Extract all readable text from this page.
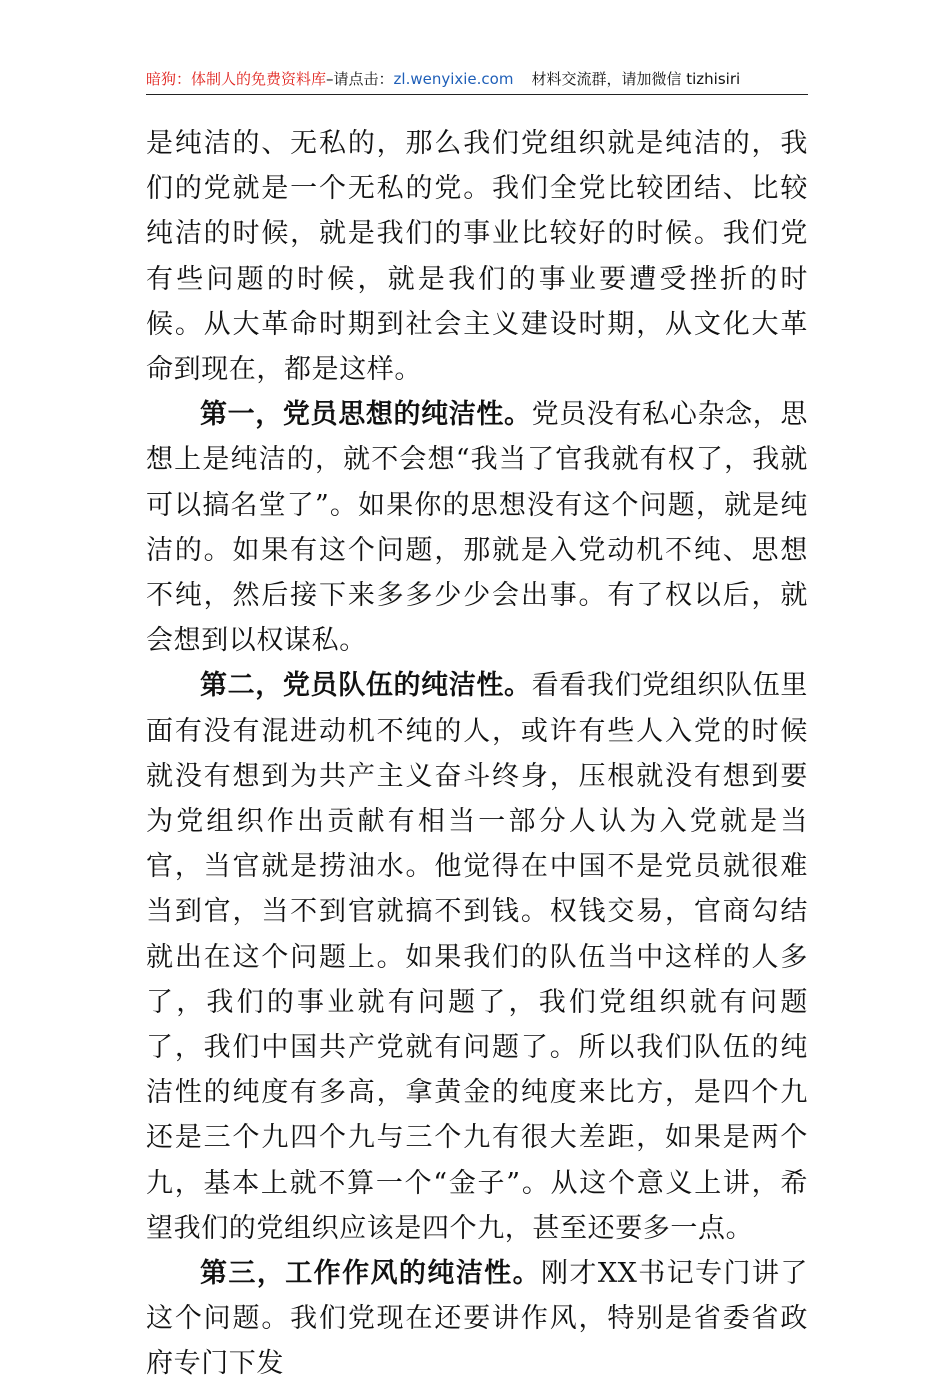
暗狗：体制人的免费资料库–请点击：zl.wenyixie.com 材料交流群，请加微信 tizhisiri

是纯洁的、无私的，那么我们党组织就是纯洁的，我们的党就是一个无私的党。我们全党比较团结、比较纯洁的时候，就是我们的事业比较好的时候。我们党有些问题的时候，就是我们的事业要遭受挫折的时候。从大革命时期到社会主义建设时期，从文化大革命到现在，都是这样。

第一，党员思想的纯洁性。党员没有私心杂念，思想上是纯洁的，就不会想“我当了官我就有权了，我就可以搞名堂了”。如果你的思想没有这个问题，就是纯洁的。如果有这个问题，那就是入党动机不纯、思想不纯，然后接下来多多少少会出事。有了权以后，就会想到以权谋私。

第二，党员队伍的纯洁性。看看我们党组织队伍里面有没有混进动机不纯的人，或许有些人入党的时候就没有想到为共产主义奋斗终身，压根就没有想到要为党组织作出贡献有相当一部分人认为入党就是当官，当官就是捞油水。他觉得在中国不是党员就很难当到官，当不到官就搞不到钱。权钱交易，官商勾结就出在这个问题上。如果我们的队伍当中这样的人多了，我们的事业就有问题了，我们党组织就有问题了，我们中国共产党就有问题了。所以我们队伍的纯洁性的纯度有多高，拿黄金的纯度来比方，是四个九还是三个九四个九与三个九有很大差距，如果是两个九，基本上就不算一个“金子”。从这个意义上讲，希望我们的党组织应该是四个九，甚至还要多一点。

第三，工作作风的纯洁性。刚才XX书记专门讲了这个问题。我们党现在还要讲作风，特别是省委省政府专门下发
